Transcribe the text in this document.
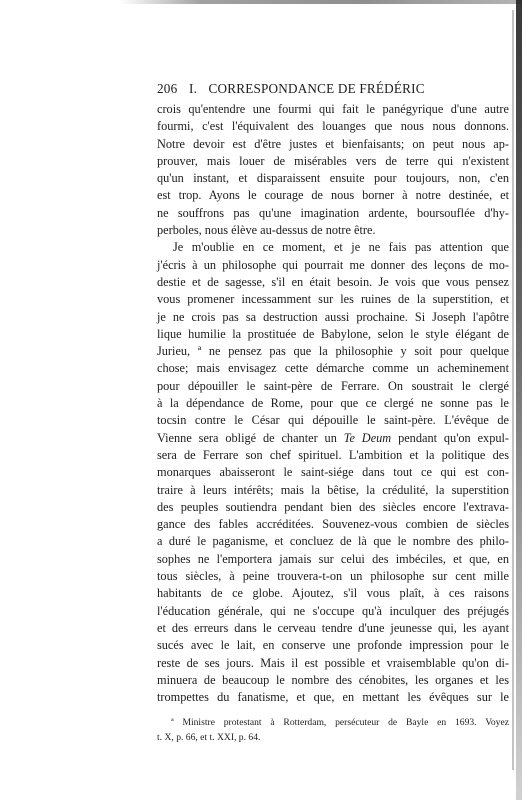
206 I. CORRESPONDANCE DE FRÉDÉRIC
crois qu'entendre une fourmi qui fait le panégyrique d'une autre
fourmi, c'est l'équivalent des louanges que nous nous donnons.
Notre devoir est d'être justes et bienfaisants; on peut nous ap-
prouver, mais louer de misérables vers de terre qui n'existent
qu'un instant, et disparaissent ensuite pour toujours, non, c'en
est trop. Ayons le courage de nous borner à notre destinée, et
ne souffrons pas qu'une imagination ardente, boursouflée d'hy-
perboles, nous élève au-dessus de notre être.
Je m'oublie en ce moment, et je ne fais pas attention que
j'écris à un philosophe qui pourrait me donner des leçons de mo-
destie et de sagesse, s'il en était besoin. Je vois que vous pensez
vous promener incessamment sur les ruines de la superstition, et
je ne crois pas sa destruction aussi prochaine. Si Joseph l'apôtre
lique humilie la prostituée de Babylone, selon le style élégant de
Jurieu, ª ne pensez pas que la philosophie y soit pour quelque
chose; mais envisagez cette démarche comme un acheminement
pour dépouiller le saint-père de Ferrare. On soustrait le clergé
à la dépendance de Rome, pour que ce clergé ne sonne pas le
tocsin contre le César qui dépouille le saint-père. L'évêque de
Vienne sera obligé de chanter un Te Deum pendant qu'on expul-
sera de Ferrare son chef spirituel. L'ambition et la politique des
monarques abaisseront le saint-siége dans tout ce qui est con-
traire à leurs intérêts; mais la bêtise, la crédulité, la superstition
des peuples soutiendra pendant bien des siècles encore l'extrava-
gance des fables accréditées. Souvenez-vous combien de siècles
a duré le paganisme, et concluez de là que le nombre des philo-
sophes ne l'emportera jamais sur celui des imbéciles, et que, en
tous siècles, à peine trouvera-t-on un philosophe sur cent mille
habitants de ce globe. Ajoutez, s'il vous plaît, à ces raisons
l'éducation générale, qui ne s'occupe qu'à inculquer des préjugés
et des erreurs dans le cerveau tendre d'une jeunesse qui, les ayant
sucés avec le lait, en conserve une profonde impression pour le
reste de ses jours. Mais il est possible et vraisemblable qu'on di-
minuera de beaucoup le nombre des cénobites, les organes et les
trompettes du fanatisme, et que, en mettant les évêques sur le
ª Ministre protestant à Rotterdam, persécuteur de Bayle en 1693. Voyez
t. X, p. 66, et t. XXI, p. 64.
